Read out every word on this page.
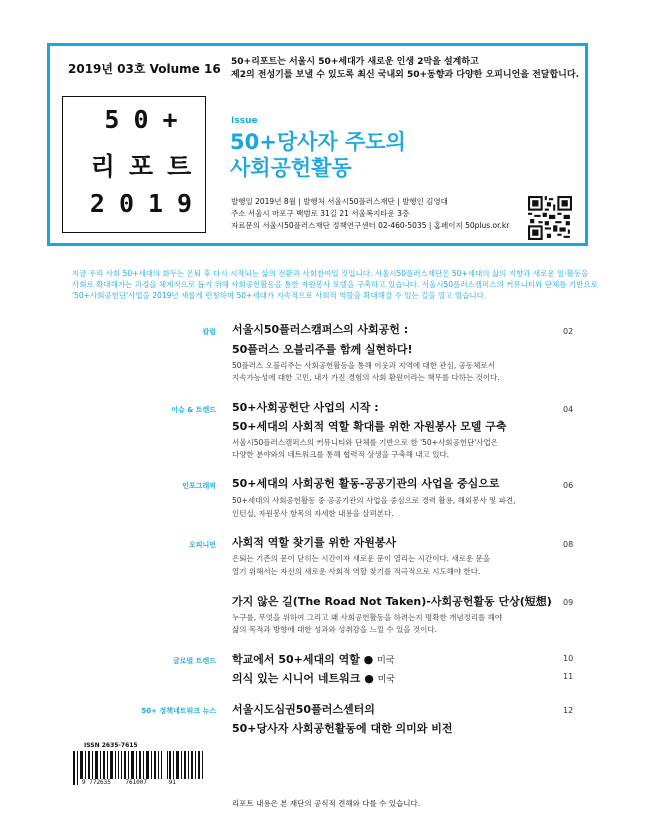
2019년 03호 Volume 16 50+리포트는 서울시 50+세대가 새로운 인생 2막을 설계하고
제2의 전성기를 보낼 수 있도록 최신 국내외 50+동향과 다양한 오피니언을 전달합니다.
50+
리포트
2019
Issue
50+당사자 주도의
사회공헌활동
발행일 2019년 8월 | 발행처 서울시50플러스재단 | 발행인 김영대
주소 서울시 마포구 백범로 31길 21 서울복지타운 3층
자료문의 서울시50플러스재단 정책연구센터 02-460-5035 | 홈페이지 50plus.or.kr
지금 우리 사회 50+세대의 화두는 은퇴 후 다시 시작되는 삶의 전환과 사회참여일 것입니다. 서울시50플러스재단은 50+세대의 삶의 지향과 새로운 일·활동을
사회로 확대해가는 과정을 체계적으로 돕기 위해 사회공헌활동을 통한 자원봉사 모델을 구축하고 있습니다. 서울시50플러스캠퍼스의 커뮤니티와 단체를 기반으로
'50+사회공헌단'사업을 2019년 새롭게 런칭하며 50+세대가 지속적으로 사회적 역할을 확대해갈 수 있는 길을 열고 있습니다.
칼럼 서울시50플러스캠퍼스의 사회공헌 :
50플러스 오블리주를 함께 실현하다!
50플러스 오블리주는 사회공헌활동을 통해 이웃과 지역에 대한 관심, 공동체로서
지속가능성에 대한 고민, 내가 가진 경험의 사회 환원이라는 책무를 다하는 것이다.
02
이슈 & 트렌드 50+사회공헌단 사업의 시작 :
50+세대의 사회적 역할 확대를 위한 자원봉사 모델 구축
서울시50플러스캠퍼스의 커뮤니티와 단체를 기반으로 한 '50+사회공헌단'사업은
다양한 분야와의 네트워크를 통해 협력적 상생을 구축해 내고 있다.
04
인포그래픽 50+세대의 사회공헌 활동-공공기관의 사업을 중심으로
50+세대의 사회공헌활동 중 공공기관의 사업을 중심으로 경력 활용, 해외봉사 및 파견,
인턴십, 자원봉사 항목의 자세한 내용을 살펴본다.
06
오피니언 사회적 역할 찾기를 위한 자원봉사
은퇴는 기존의 문이 닫히는 시간이자 새로운 문이 열리는 시간이다. 새로운 문을
열기 위해서는 자신의 새로운 사회적 역할 찾기를 적극적으로 시도해야 한다.
08
가지 않은 길(The Road Not Taken)-사회공헌활동 단상(短想)
누구를, 무엇을 위하여 그리고 왜 사회공헌활동을 하려는지 명확한 개념정리를 해야
삶의 목적과 방향에 대한 성과와 성취감을 느낄 수 있을 것이다.
09
글로벌 트렌드 학교에서 50+세대의 역할 ● 미국	10
의식 있는 시니어 네트워크 ● 미국	11
50+ 정책네트워크 뉴스 서울시도심권50플러스센터의
50+당사자 사회공헌활동에 대한 의미와 비전
12
ISSN 2635-7615
9 772635    761007      91
리포트 내용은 본 재단의 공식적 견해와 다를 수 있습니다.
